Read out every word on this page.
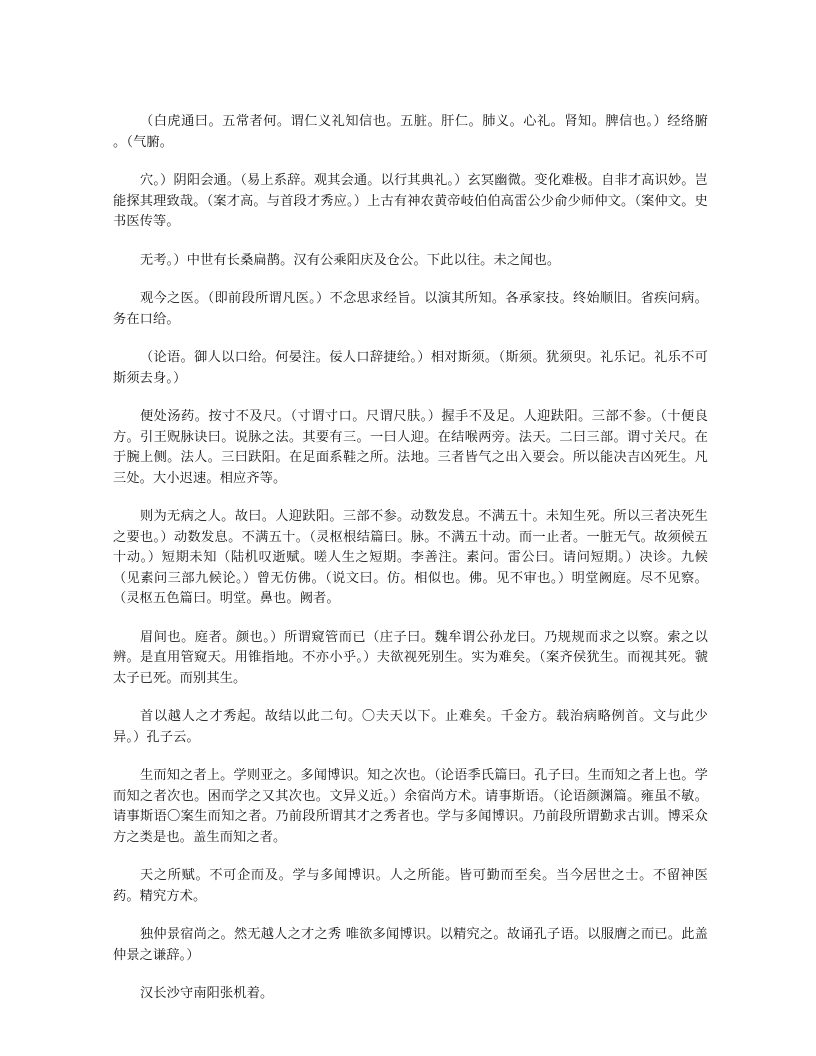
（白虎通曰。五常者何。谓仁义礼知信也。五脏。肝仁。肺义。心礼。肾知。脾信也。）经络腑 。（气腑。

穴。）阴阳会通。（易上系辞。观其会通。以行其典礼。）玄冥幽微。变化难极。自非才高识妙。岂能探其理致哉。（案才高。与首段才秀应。）上古有神农黄帝岐伯伯高雷公少俞少师仲文。（案仲文。史书医传等。

无考。）中世有长桑扁鹊。汉有公乘阳庆及仓公。下此以往。未之闻也。

观今之医。（即前段所谓凡医。）不念思求经旨。以演其所知。各承家技。终始顺旧。省疾问病。务在口给。

（论语。御人以口给。何晏注。佞人口辞捷给。）相对斯须。（斯须。犹须臾。礼乐记。礼乐不可斯须去身。）

便处汤药。按寸不及尺。（寸谓寸口。尺谓尺肤。）握手不及足。人迎趺阳。三部不参。（十便良方。引王贶脉诀曰。说脉之法。其要有三。一曰人迎。在结喉两旁。法天。二曰三部。谓寸关尺。在于腕上侧。法人。三曰趺阳。在足面系鞋之所。法地。三者皆气之出入要会。所以能决吉凶死生。凡三处。大小迟速。相应齐等。

则为无病之人。故曰。人迎趺阳。三部不参。动数发息。不满五十。未知生死。所以三者决死生之要也。）动数发息。不满五十。（灵枢根结篇曰。脉。不满五十动。而一止者。一脏无气。故须候五十动。）短期未知（陆机叹逝赋。嗟人生之短期。李善注。素问。雷公曰。请问短期。）决诊。九候（见素问三部九候论。）曾无仿佛。（说文曰。仿。相似也。佛。见不审也。）明堂阙庭。尽不见察。（灵枢五色篇曰。明堂。鼻也。阙者。

眉间也。庭者。颜也。）所谓窥管而已（庄子曰。魏牟谓公孙龙曰。乃规规而求之以察。索之以辨。是直用管窥天。用锥指地。不亦小乎。）夫欲视死别生。实为难矣。（案齐侯犹生。而视其死。虢太子已死。而别其生。

首以越人之才秀起。故结以此二句。〇夫天以下。止难矣。千金方。载治病略例首。文与此少异。）孔子云。

生而知之者上。学则亚之。多闻博识。知之次也。（论语季氏篇曰。孔子曰。生而知之者上也。学而知之者次也。困而学之又其次也。文异义近。）余宿尚方术。请事斯语。（论语颜渊篇。雍虽不敏。请事斯语〇案生而知之者。乃前段所谓其才之秀者也。学与多闻博识。乃前段所谓勤求古训。博采众方之类是也。盖生而知之者。

天之所赋。不可企而及。学与多闻博识。人之所能。皆可勤而至矣。当今居世之士。不留神医药。精究方术。

独仲景宿尚之。然无越人之才之秀 唯欲多闻博识。以精究之。故诵孔子语。以服膺之而已。此盖仲景之谦辞。）

汉长沙守南阳张机着。
